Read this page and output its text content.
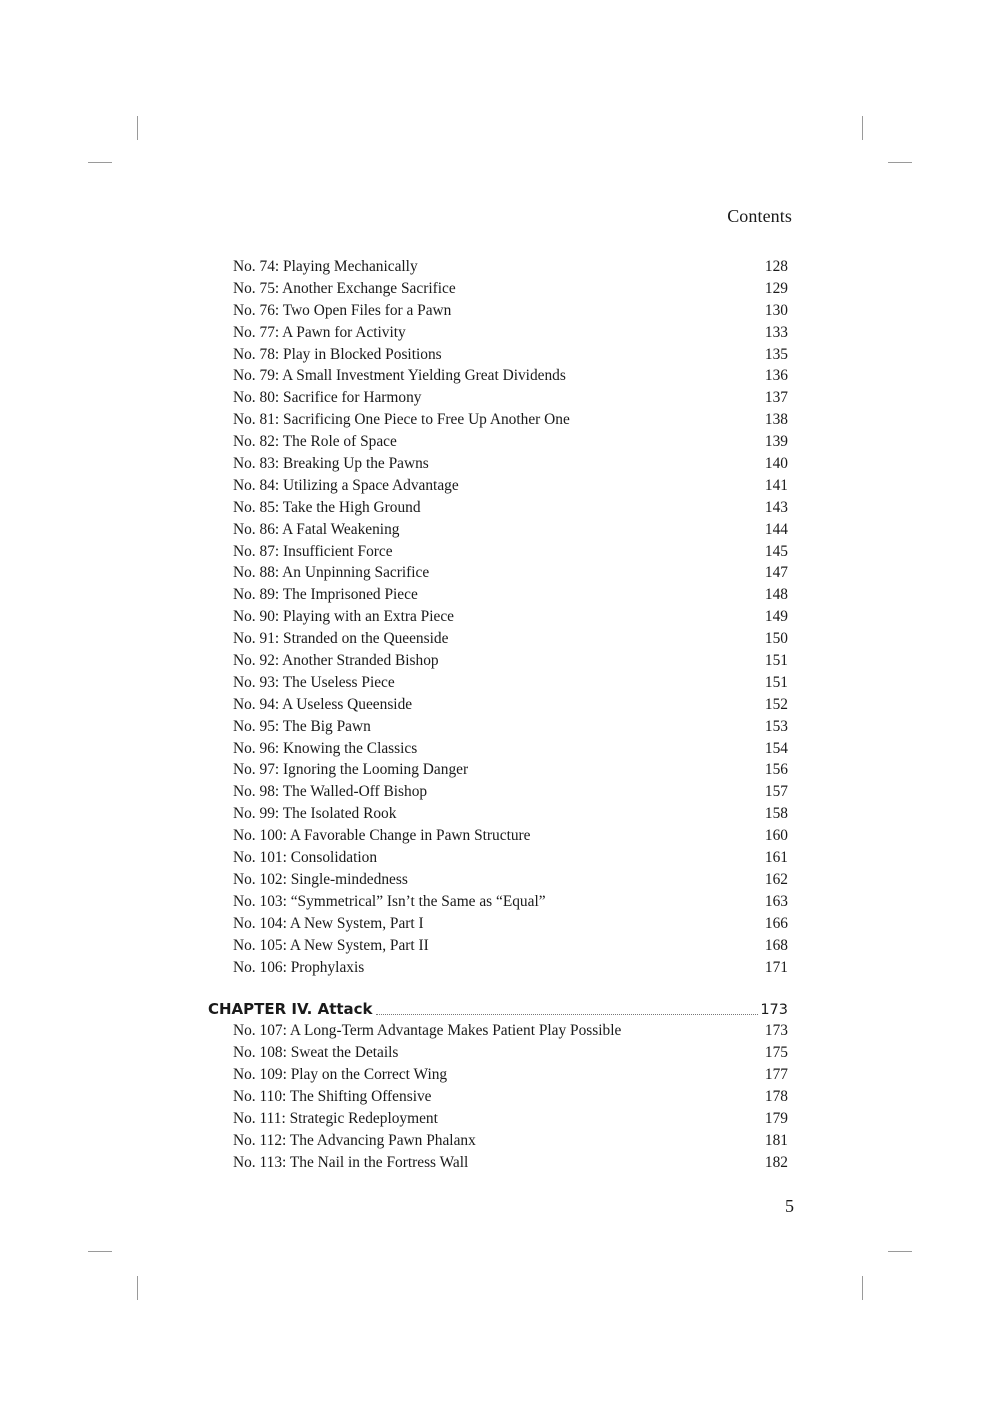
Contents
No. 74: Playing Mechanically	128
No. 75: Another Exchange Sacrifice	129
No. 76: Two Open Files for a Pawn	130
No. 77: A Pawn for Activity	133
No. 78: Play in Blocked Positions	135
No. 79: A Small Investment Yielding Great Dividends	136
No. 80: Sacrifice for Harmony	137
No. 81: Sacrificing One Piece to Free Up Another One	138
No. 82: The Role of Space	139
No. 83: Breaking Up the Pawns	140
No. 84: Utilizing a Space Advantage	141
No. 85: Take the High Ground	143
No. 86: A Fatal Weakening	144
No. 87: Insufficient Force	145
No. 88: An Unpinning Sacrifice	147
No. 89: The Imprisoned Piece	148
No. 90: Playing with an Extra Piece	149
No. 91: Stranded on the Queenside	150
No. 92: Another Stranded Bishop	151
No. 93: The Useless Piece	151
No. 94: A Useless Queenside	152
No. 95: The Big Pawn	153
No. 96: Knowing the Classics	154
No. 97: Ignoring the Looming Danger	156
No. 98: The Walled-Off Bishop	157
No. 99: The Isolated Rook	158
No. 100: A Favorable Change in Pawn Structure	160
No. 101: Consolidation	161
No. 102: Single-mindedness	162
No. 103: “Symmetrical” Isn’t the Same as “Equal”	163
No. 104: A New System, Part I	166
No. 105: A New System, Part II	168
No. 106: Prophylaxis	171
CHAPTER IV. Attack	173
No. 107: A Long-Term Advantage Makes Patient Play Possible	173
No. 108: Sweat the Details	175
No. 109: Play on the Correct Wing	177
No. 110: The Shifting Offensive	178
No. 111: Strategic Redeployment	179
No. 112: The Advancing Pawn Phalanx	181
No. 113: The Nail in the Fortress Wall	182
5
